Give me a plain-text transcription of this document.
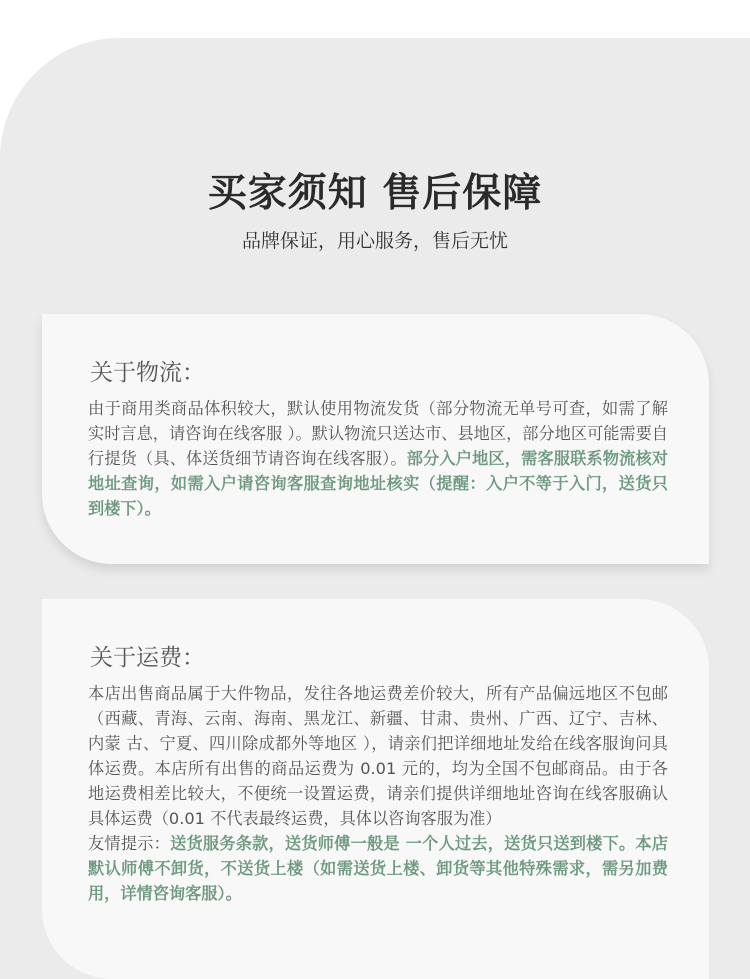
买家须知 售后保障
品牌保证，用心服务，售后无忧
关于物流：
由于商用类商品体积较大，默认使用物流发货（部分物流无单号可查，如需了解实时言息，请咨询在线客服 ）。默认物流只送达市、县地区，部分地区可能需要自行提货（具、体送货细节请咨询在线客服）。部分入户地区，需客服联系物流核对地址查询，如需入户请咨询客服查询地址核实（提醒：入户不等于入门，送货只到楼下）。
关于运费：
本店出售商品属于大件物品，发往各地运费差价较大，所有产品偏远地区不包邮（西藏、青海、云南、海南、黑龙江、新疆、甘肃、贵州、广西、辽宁、吉林、内蒙 古、宁夏、四川除成都外等地区 ），请亲们把详细地址发给在线客服询问具体运费。本店所有出售的商品运费为 0.01 元的，均为全国不包邮商品。由于各地运费相差比较大，不便统一设置运费，请亲们提供详细地址咨询在线客服确认具体运费（0.01 不代表最终运费，具体以咨询客服为准）
友情提示：送货服务条款，送货师傅一般是 一个人过去，送货只送到楼下。本店默认师傅不卸货，不送货上楼（如需送货上楼、卸货等其他特殊需求，需另加费用，详情咨询客服）。
